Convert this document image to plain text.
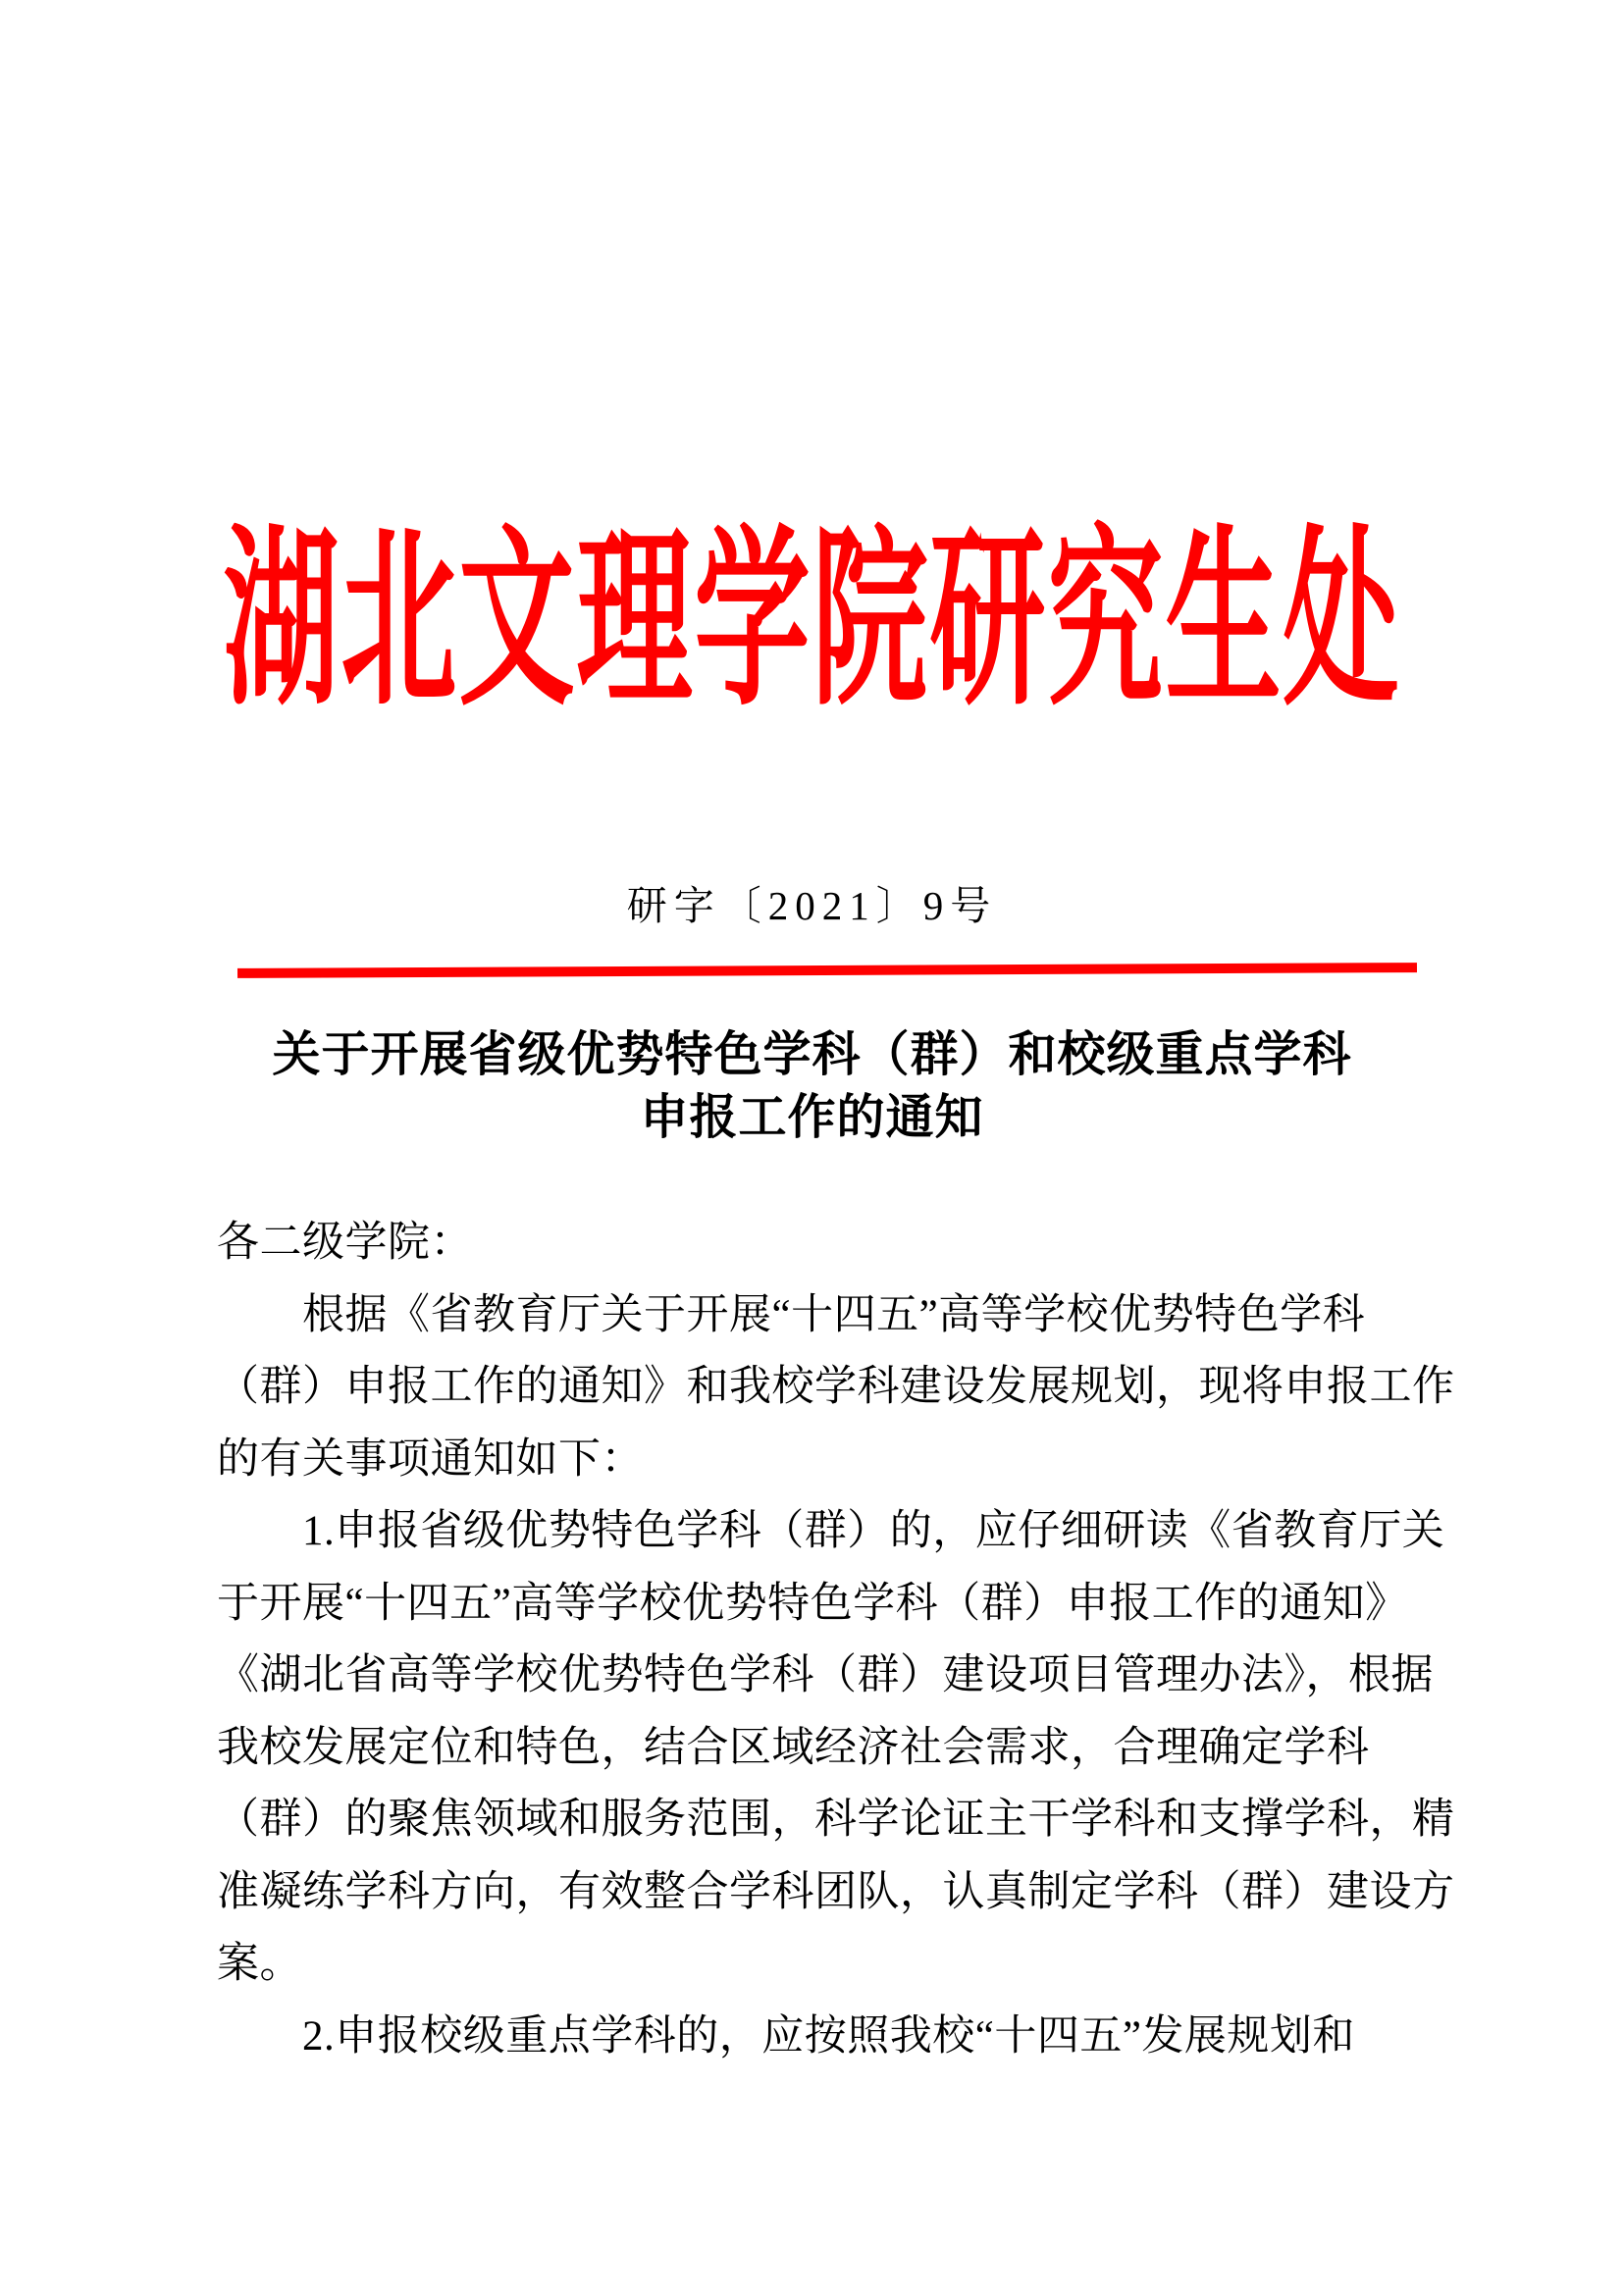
湖北文理学院研究生处
研字〔2021〕9号
关于开展省级优势特色学科（群）和校级重点学科
申报工作的通知
各二级学院：
　　根据《省教育厅关于开展“十四五”高等学校优势特色学科
（群）申报工作的通知》和我校学科建设发展规划，现将申报工作
的有关事项通知如下：
　　1.申报省级优势特色学科（群）的，应仔细研读《省教育厅关
于开展“十四五”高等学校优势特色学科（群）申报工作的通知》
《湖北省高等学校优势特色学科（群）建设项目管理办法》，根据
我校发展定位和特色，结合区域经济社会需求，合理确定学科
（群）的聚焦领域和服务范围，科学论证主干学科和支撑学科，精
准凝练学科方向，有效整合学科团队，认真制定学科（群）建设方
案。
　　2.申报校级重点学科的，应按照我校“十四五”发展规划和
